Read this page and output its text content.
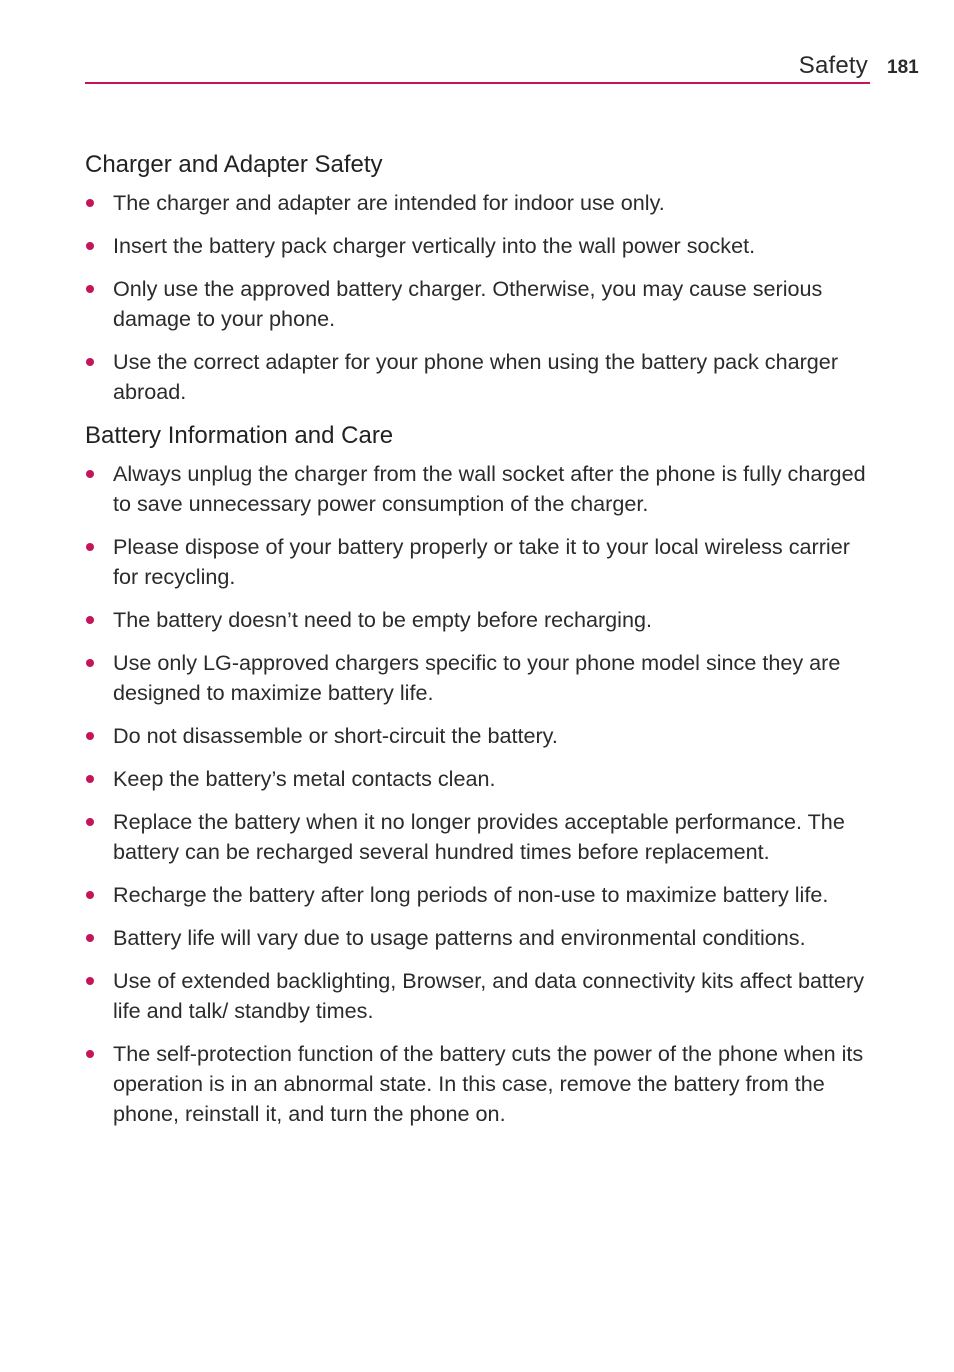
Safety 181
Charger and Adapter Safety
The charger and adapter are intended for indoor use only.
Insert the battery pack charger vertically into the wall power socket.
Only use the approved battery charger. Otherwise, you may cause serious damage to your phone.
Use the correct adapter for your phone when using the battery pack charger abroad.
Battery Information and Care
Always unplug the charger from the wall socket after the phone is fully charged to save unnecessary power consumption of the charger.
Please dispose of your battery properly or take it to your local wireless carrier for recycling.
The battery doesn’t need to be empty before recharging.
Use only LG-approved chargers specific to your phone model since they are designed to maximize battery life.
Do not disassemble or short-circuit the battery.
Keep the battery’s metal contacts clean.
Replace the battery when it no longer provides acceptable performance. The battery can be recharged several hundred times before replacement.
Recharge the battery after long periods of non-use to maximize battery life.
Battery life will vary due to usage patterns and environmental conditions.
Use of extended backlighting, Browser, and data connectivity kits affect battery life and talk/ standby times.
The self-protection function of the battery cuts the power of the phone when its operation is in an abnormal state. In this case, remove the battery from the phone, reinstall it, and turn the phone on.
